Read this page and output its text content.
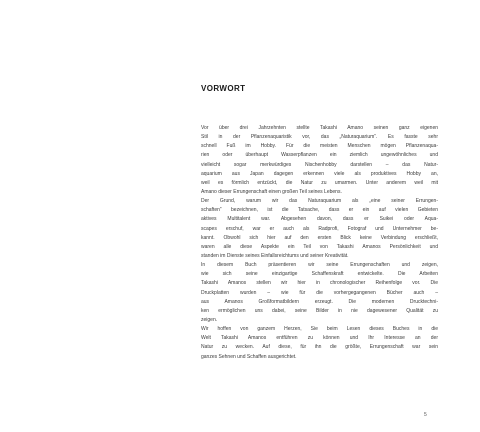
VORWORT
Vor über drei Jahrzehnten stellte Takashi Amano seinen ganz eigenen
Stil in der Pflanzenaquaristik vor, das „Naturaquarium“. Es fasste sehr
schnell Fuß im Hobby. Für die meisten Menschen mögen Pflanzenaqua-
rien oder überhaupt Wasserpflanzen ein ziemlich ungewöhnliches und
vielleicht sogar merkwürdiges Nischenhobby darstellen – das Natur-
aquarium aus Japan dagegen erkennen viele als produktives Hobby an,
weil es förmlich entzückt, die Natur zu umarmen. Unter anderem weil mit
Amano dieser Errungenschaft einen großen Teil seines Lebens.
Der Grund, warum wir das Naturaquarium als „eine seiner Errungen-
schaften“ bezeichnen, ist die Tatsache, dass er ein auf vielen Gebieten
aktives Multitalent war. Abgesehen davon, dass er Suikei oder Aqua-
scapes erschuf, war er auch als Radprofi, Fotograf und Unternehmer be-
kannt. Obwohl sich hier auf den ersten Blick keine Verbindung erschließt,
waren alle diese Aspekte ein Teil von Takashi Amanos Persönlichkeit und
standen im Dienste seines Einfallsreichtums und seiner Kreativität.
In diesem Buch präsentieren wir seine Errungenschaften und zeigen,
wie sich seine einzigartige Schaffenskraft entwickelte. Die Arbeiten
Takashi Amanos stellen wir hier in chronologischer Reihenfolge vor. Die
Druckplatten wurden – wie für die vorhergegangenen Bücher auch –
aus Amanos Großformatbildern erzeugt. Die modernen Drucktechni-
ken ermöglichen uns dabei, seine Bilder in nie dagewesener Qualität zu
zeigen.
Wir hoffen von ganzem Herzen, Sie beim Lesen dieses Buches in die
Welt Takashi Amanos entführen zu können und Ihr Interesse an der
Natur zu wecken. Auf diese, für ihn die größte, Errungenschaft war sein
ganzes Sehnen und Schaffen ausgerichtet.
5
